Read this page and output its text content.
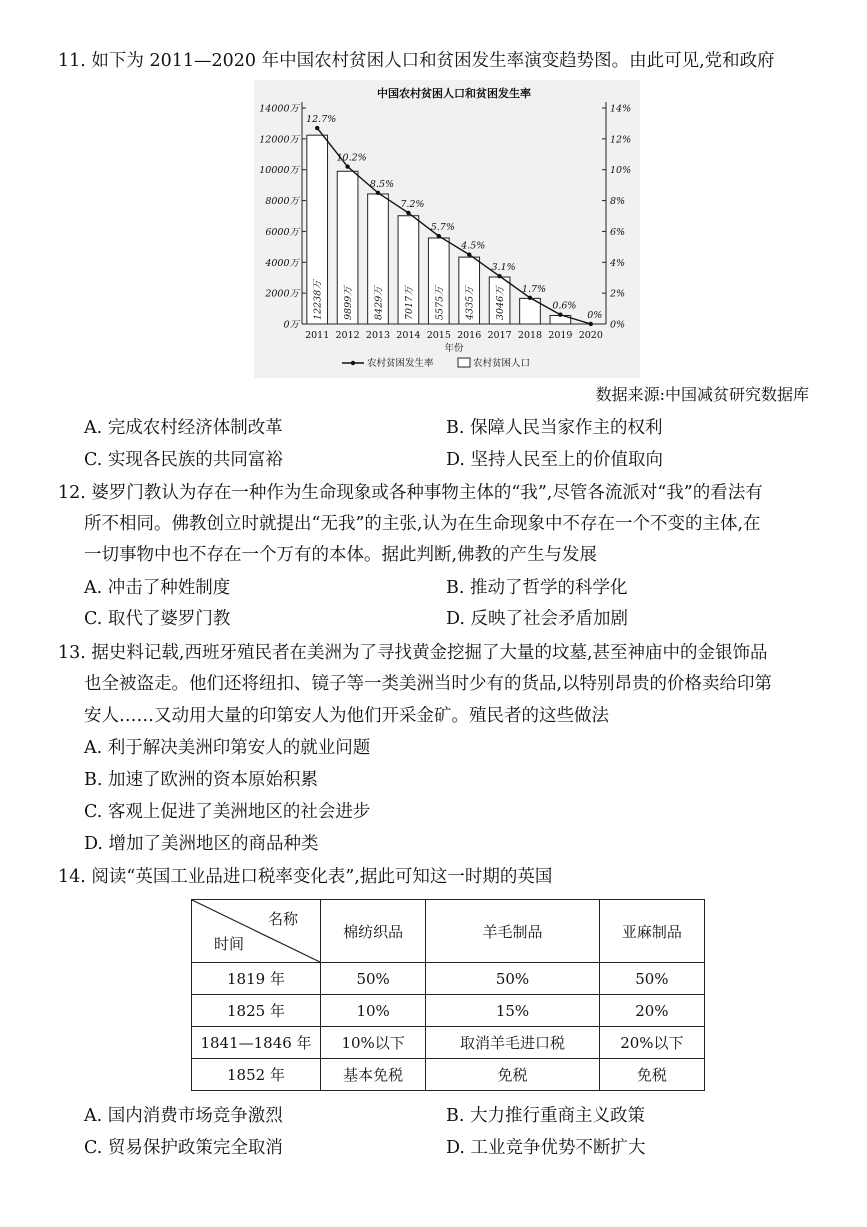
11. 如下为 2011—2020 年中国农村贫困人口和贫困发生率演变趋势图。由此可见,党和政府
中国农村贫困人口和贫困发生率
0万
2000万
4000万
6000万
8000万
10000万
12000万
14000万
0%
2%
4%
6%
8%
10%
12%
14%
12238万
2011
9899万
2012
8429万
2013
7017万
2014
5575万
2015
4335万
2016
3046万
2017 2018 2019 2020
年份
12.7%
10.2%
8.5%
7.2%
5.7%
4.5%
3.1%
1.7%
0.6%
0%
农村贫困发生率	农村贫困人口
数据来源:中国减贫研究数据库
A. 完成农村经济体制改革	B. 保障人民当家作主的权利
C. 实现各民族的共同富裕	D. 坚持人民至上的价值取向
12. 婆罗门教认为存在一种作为生命现象或各种事物主体的“我”,尽管各流派对“我”的看法有
所不相同。佛教创立时就提出“无我”的主张,认为在生命现象中不存在一个不变的主体,在
一切事物中也不存在一个万有的本体。据此判断,佛教的产生与发展
A. 冲击了种姓制度	B. 推动了哲学的科学化
C. 取代了婆罗门教	D. 反映了社会矛盾加剧
13. 据史料记载,西班牙殖民者在美洲为了寻找黄金挖掘了大量的坟墓,甚至神庙中的金银饰品
也全被盗走。他们还将纽扣、镜子等一类美洲当时少有的货品,以特别昂贵的价格卖给印第
安人……又动用大量的印第安人为他们开采金矿。殖民者的这些做法
A. 利于解决美洲印第安人的就业问题
B. 加速了欧洲的资本原始积累
C. 客观上促进了美洲地区的社会进步
D. 增加了美洲地区的商品种类
14. 阅读“英国工业品进口税率变化表”,据此可知这一时期的英国
名称
时间	棉纺织品	羊毛制品	亚麻制品
1819 年	50%	50%	50%
1825 年	10%	15%	20%
1841—1846 年	10%以下	取消羊毛进口税	20%以下
1852 年	基本免税	免税	免税
A. 国内消费市场竞争激烈	B. 大力推行重商主义政策
C. 贸易保护政策完全取消	D. 工业竞争优势不断扩大
